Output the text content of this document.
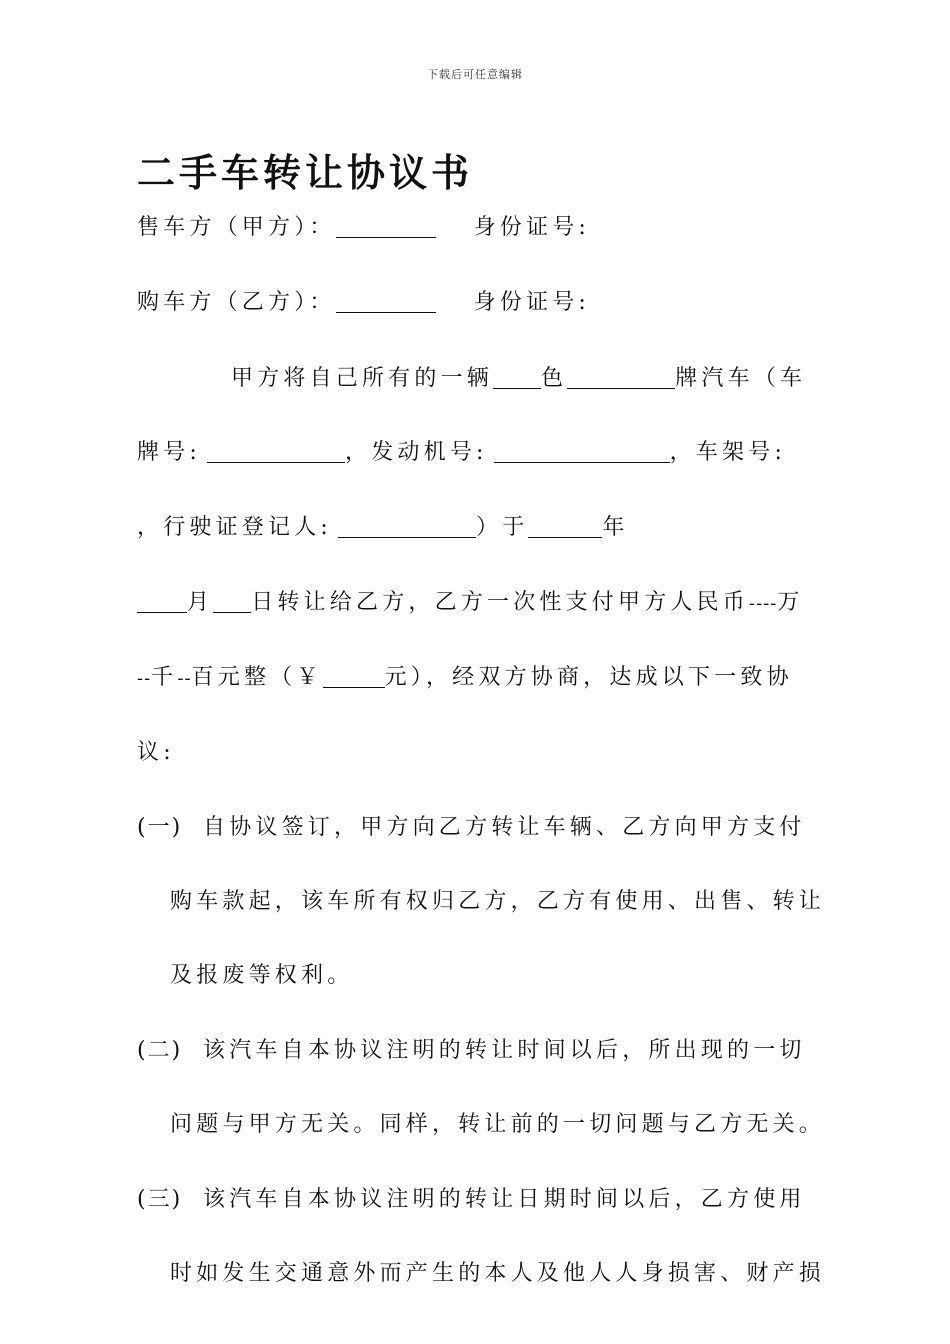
下载后可任意编辑
二手车转让协议书
售车方（甲方）：	身份证号:
购车方（乙方）：	身份证号:
甲方将自己所有的一辆 色	牌汽车（车
牌号:	，发动机号:	，车架号:
，行驶证登记人:	）于	年
月 日转让给乙方，乙方一次性支付甲方人民币----万
--千--百元整（￥	元），经双方协商，达成以下一致协
议:
(一) 自协议签订，甲方向乙方转让车辆、乙方向甲方支付
购车款起，该车所有权归乙方，乙方有使用、出售、转让
及报废等权利。
(二) 该汽车自本协议注明的转让时间以后，所出现的一切
问题与甲方无关。同样，转让前的一切问题与乙方无关。
(三) 该汽车自本协议注明的转让日期时间以后，乙方使用
时如发生交通意外而产生的本人及他人人身损害、财产损
